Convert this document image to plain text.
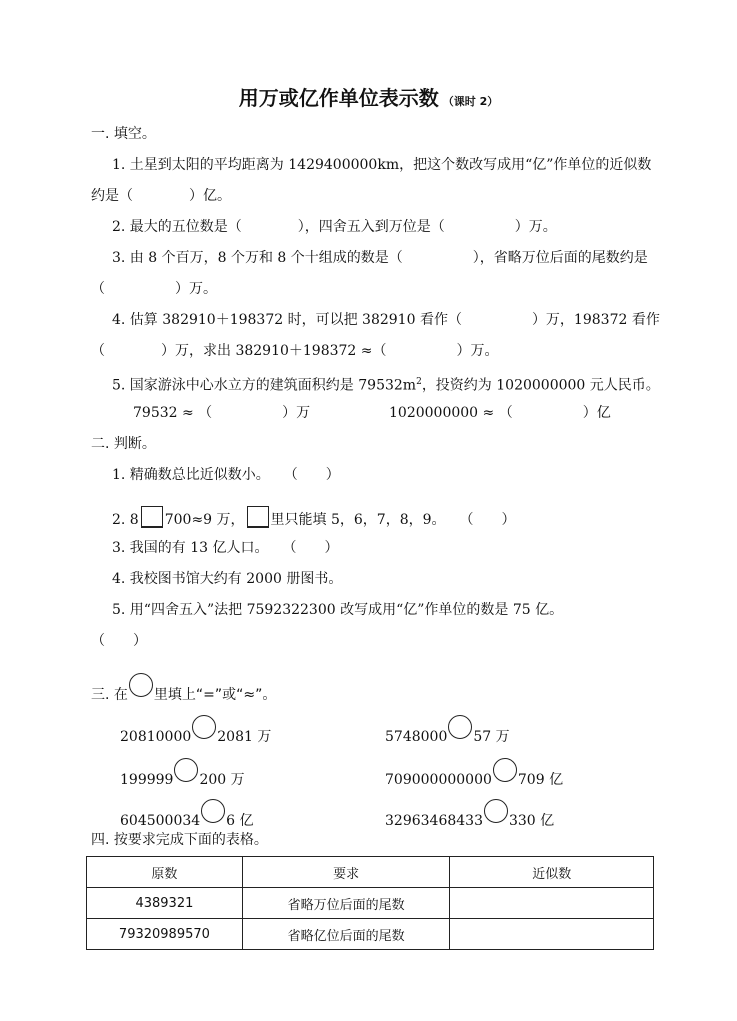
用万或亿作单位表示数 （课时 2）
一. 填空。
1. 土星到太阳的平均距离为 1429400000km，把这个数改写成用“亿”作单位的近似数
约是（　　　　）亿。
2. 最大的五位数是（　　　　），四舍五入到万位是（　　　　　）万。
3. 由 8 个百万，8 个万和 8 个十组成的数是（　　　　　），省略万位后面的尾数约是
（　　　　　）万。
4. 估算 382910＋198372 时，可以把 382910 看作（　　　　　）万，198372 看作
（　　　　）万，求出 382910＋198372 ≈（　　　　　）万。
5. 国家游泳中心水立方的建筑面积约是 $79532m^2$，投资约为 1020000000 元人民币。
79532 ≈ （　　　　　）万	1020000000 ≈ （　　　　　）亿
二. 判断。
1. 精确数总比近似数小。　　（　　）
2. 8 700≈9 万， 里只能填 5，6，7，8，9。　　（　　）
3. 我国的有 13 亿人口。　　（　　）
4. 我校图书馆大约有 2000 册图书。
5. 用“四舍五入”法把 7592322300 改写成用“亿”作单位的数是 75 亿。
（　　）
三. 在 里填上“=”或“≈”。
20810000 2081 万	5748000 57 万
199999 200 万	709000000000 709 亿
604500034 6 亿	32963468433 330 亿
四. 按要求完成下面的表格。
原数	要求	近似数
4389321	省略万位后面的尾数	
79320989570	省略亿位后面的尾数	
